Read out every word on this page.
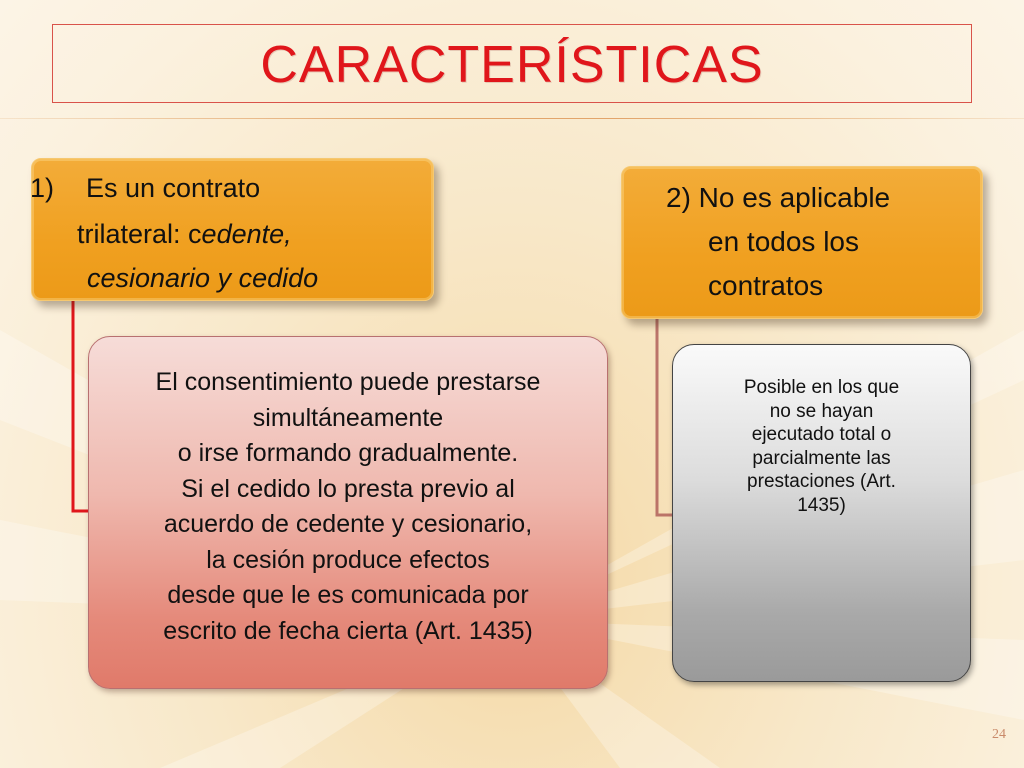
CARACTERÍSTICAS
1) Es un contrato
trilateral: cedente,
cesionario y cedido
2) No es aplicable
en todos los
contratos
El consentimiento puede prestarse
simultáneamente
o irse formando gradualmente.
Si el cedido lo presta previo al
acuerdo de cedente y cesionario,
la cesión produce efectos
desde que le es comunicada por
escrito de fecha cierta (Art. 1435)
Posible en los que
no se hayan
ejecutado total o
parcialmente las
prestaciones (Art.
1435)
24
